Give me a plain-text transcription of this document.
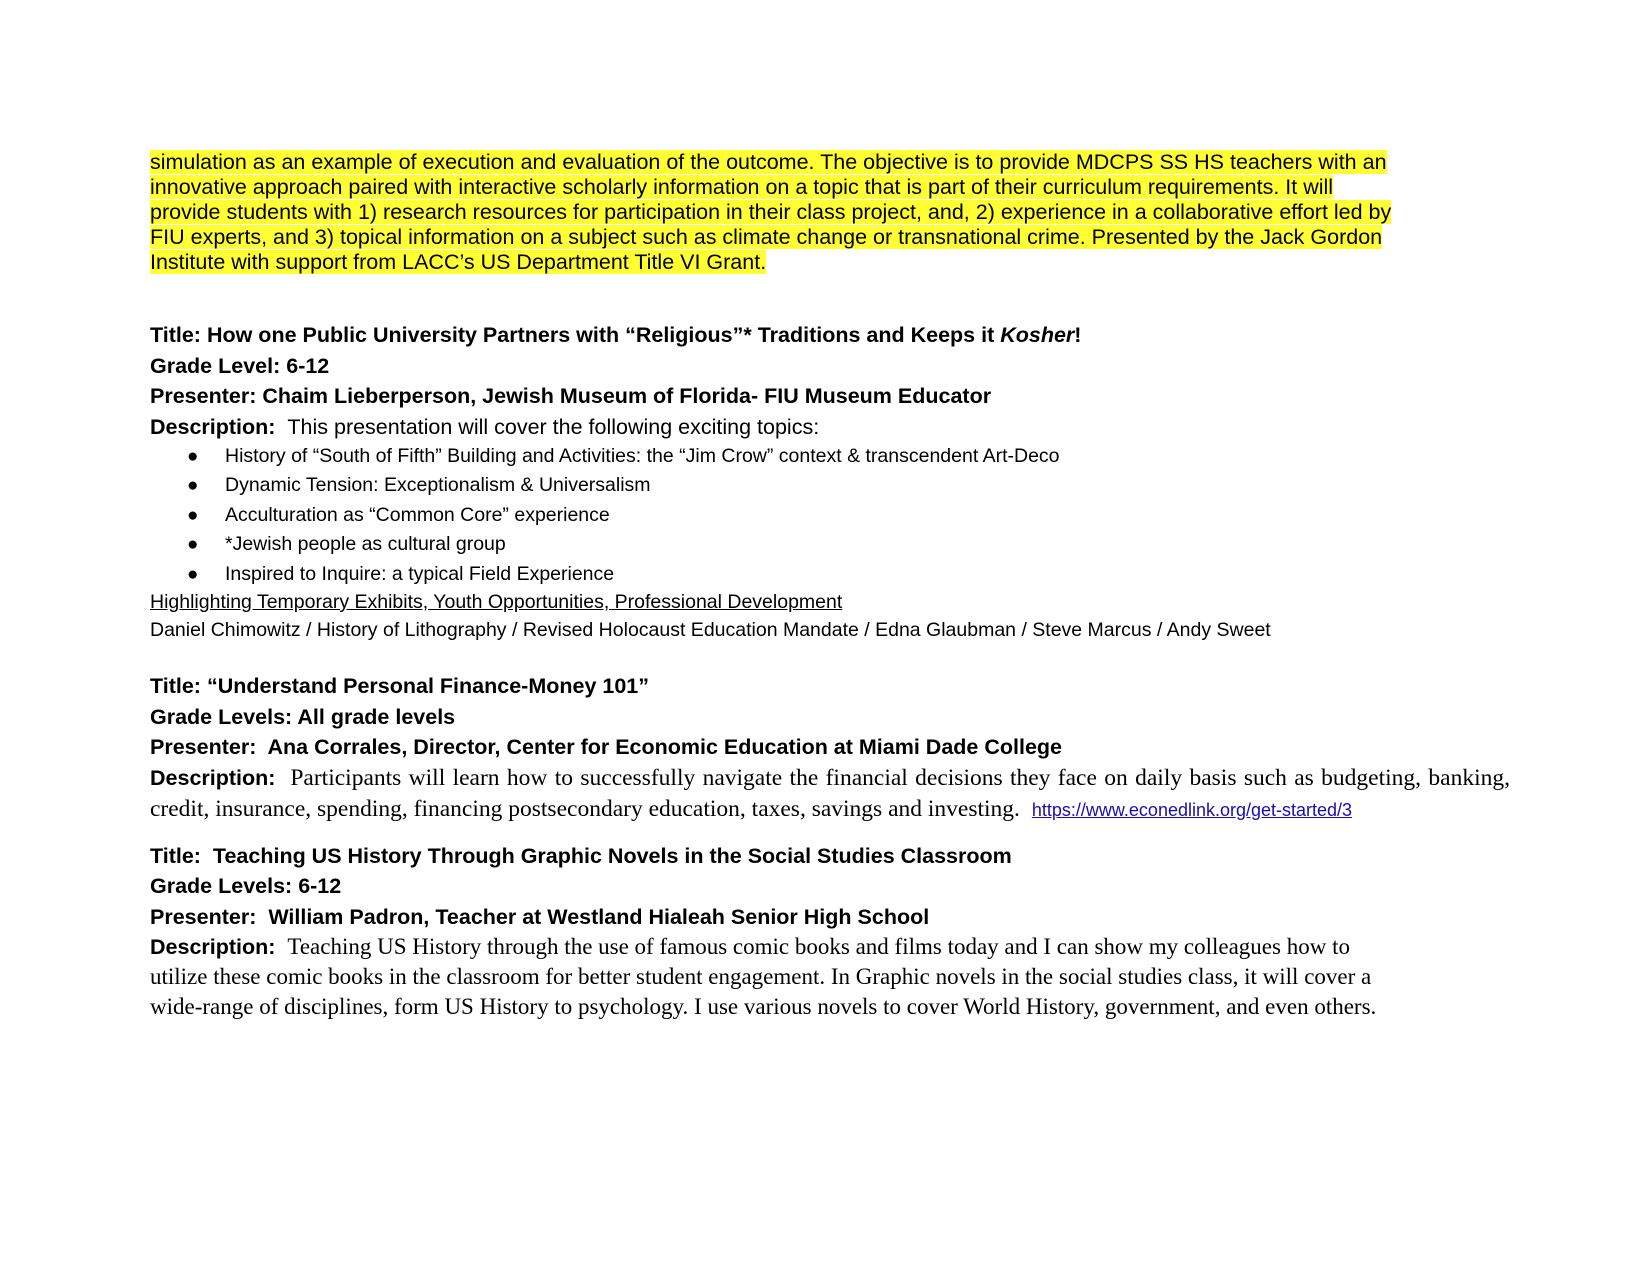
simulation as an example of execution and evaluation of the outcome. The objective is to provide MDCPS SS HS teachers with an
innovative approach paired with interactive scholarly information on a topic that is part of their curriculum requirements. It will
provide students with 1) research resources for participation in their class project, and, 2) experience in a collaborative effort led by
FIU experts, and 3) topical information on a subject such as climate change or transnational crime. Presented by the Jack Gordon
Institute with support from LACC’s US Department Title VI Grant.
Title: How one Public University Partners with “Religious”* Traditions and Keeps it Kosher!
Grade Level: 6-12
Presenter: Chaim Lieberperson, Jewish Museum of Florida- FIU Museum Educator
Description: This presentation will cover the following exciting topics:
● History of “South of Fifth” Building and Activities: the “Jim Crow” context & transcendent Art-Deco
● Dynamic Tension: Exceptionalism & Universalism
● Acculturation as “Common Core” experience
● *Jewish people as cultural group
● Inspired to Inquire: a typical Field Experience
Highlighting Temporary Exhibits, Youth Opportunities, Professional Development
Daniel Chimowitz / History of Lithography / Revised Holocaust Education Mandate / Edna Glaubman / Steve Marcus / Andy Sweet
Title: “Understand Personal Finance-Money 101”
Grade Levels: All grade levels
Presenter:  Ana Corrales, Director, Center for Economic Education at Miami Dade College
Description: Participants will learn how to successfully navigate the financial decisions they face on daily basis such as budgeting, banking, credit, insurance, spending, financing postsecondary education, taxes, savings and investing. https://www.econedlink.org/get-started/3
Title:  Teaching US History Through Graphic Novels in the Social Studies Classroom
Grade Levels: 6-12
Presenter:  William Padron, Teacher at Westland Hialeah Senior High School
Description: Teaching US History through the use of famous comic books and films today and I can show my colleagues how to
utilize these comic books in the classroom for better student engagement. In Graphic novels in the social studies class, it will cover a
wide-range of disciplines, form US History to psychology. I use various novels to cover World History, government, and even others.
